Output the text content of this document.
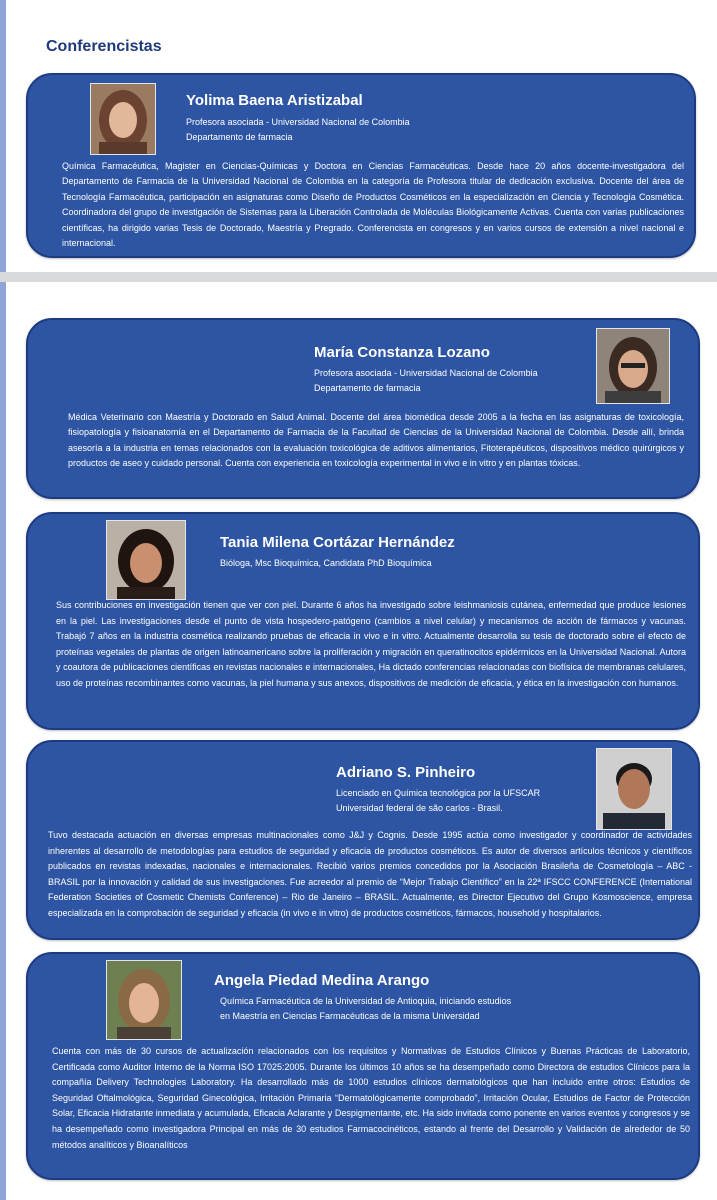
Conferencistas
Yolima Baena Aristizabal
Profesora asociada - Universidad Nacional de Colombia
Departamento de farmacia

Química Farmacéutica, Magister en Ciencias-Químicas y Doctora en Ciencias Farmacéuticas. Desde hace 20 años docente-investigadora del Departamento de Farmacia de la Universidad Nacional de Colombia en la categoría de Profesora titular de dedicación exclusiva. Docente del área de Tecnología Farmacéutica, participación en asignaturas como Diseño de Productos Cosméticos en la especialización en Ciencia y Tecnología Cosmética. Coordinadora del grupo de investigación de Sistemas para la Liberación Controlada de Moléculas Biológicamente Activas. Cuenta con varias publicaciones científicas, ha dirigido varias Tesis de Doctorado, Maestría y Pregrado. Conferencista en congresos y en varios cursos de extensión a nivel nacional e internacional.

María Constanza Lozano
Profesora asociada - Universidad Nacional de Colombia
Departamento de farmacia

Médica Veterinario con Maestría y Doctorado en Salud Animal. Docente del área biomédica desde 2005 a la fecha en las asignaturas de toxicología, fisiopatología y fisioanatomía en el Departamento de Farmacia de la Facultad de Ciencias de la Universidad Nacional de Colombia. Desde allí, brinda asesoría a la industria en temas relacionados con la evaluación toxicológica de aditivos alimentarios, Fitoterapéuticos, dispositivos médico quirúrgicos y productos de aseo y cuidado personal. Cuenta con experiencia en toxicología experimental in vivo e in vitro y en plantas tóxicas.

Tania Milena Cortázar Hernández
Bióloga, Msc Bioquímica, Candidata PhD Bioquímica

Sus contribuciones en investigación tienen que ver con piel. Durante 6 años ha investigado sobre leishmaniosis cutánea, enfermedad que produce lesiones en la piel. Las investigaciones desde el punto de vista hospedero-patógeno (cambios a nivel celular) y mecanismos de acción de fármacos y vacunas. Trabajó 7 años en la industria cosmética realizando pruebas de eficacia in vivo e in vitro. Actualmente desarrolla su tesis de doctorado sobre el efecto de proteínas vegetales de plantas de origen latinoamericano sobre la proliferación y migración en queratinocitos epidérmicos en la Universidad Nacional. Autora y coautora de publicaciones científicas en revistas nacionales e internacionales, Ha dictado conferencias relacionadas con biofísica de membranas celulares, uso de proteínas recombinantes como vacunas, la piel humana y sus anexos, dispositivos de medición de eficacia, y ética en la investigación con humanos.

Adriano S. Pinheiro
Licenciado en Química tecnológica por la UFSCAR
Universidad federal de são carlos - Brasil.

Tuvo destacada actuación en diversas empresas multinacionales como J&J y Cognis. Desde 1995 actúa como investigador y coordinador de actividades inherentes al desarrollo de metodologías para estudios de seguridad y eficacia de productos cosméticos. Es autor de diversos artículos técnicos y científicos publicados en revistas indexadas, nacionales e internacionales. Recibió varios premios concedidos por la Asociación Brasileña de Cosmetología – ABC - BRASIL por la innovación y calidad de sus investigaciones. Fue acreedor al premio de “Mejor Trabajo Científico” en la 22ª IFSCC CONFERENCE (International Federation Societies of Cosmetic Chemists Conference) – Rio de Janeiro – BRASIL. Actualmente, es Director Ejecutivo del Grupo Kosmoscience, empresa especializada en la comprobación de seguridad y eficacia (in vivo e in vitro) de productos cosméticos, fármacos, household y hospitalarios.

Angela Piedad Medina Arango
Química Farmacéutica de la Universidad de Antioquia, iniciando estudios
en Maestría en Ciencias Farmacéuticas de la misma Universidad

Cuenta con más de 30 cursos de actualización relacionados con los requisitos y Normativas de Estudios Clínicos y Buenas Prácticas de Laboratorio, Certificada como Auditor Interno de la Norma ISO 17025:2005. Durante los últimos 10 años se ha desempeñado como Directora de estudios Clínicos para la compañía Delivery Technologies Laboratory. Ha desarrollado más de 1000 estudios clínicos dermatológicos que han incluido entre otros: Estudios de Seguridad Oftalmológica, Seguridad Ginecológica, Irritación Primaria “Dermatológicamente comprobado”, Irritación Ocular, Estudios de Factor de Protección Solar, Eficacia Hidratante inmediata y acumulada, Eficacia Aclarante y Despigmentante, etc. Ha sido invitada como ponente en varios eventos y congresos y se ha desempeñado como investigadora Principal en más de 30 estudios Farmacocinéticos, estando al frente del Desarrollo y Validación de alrededor de 50 métodos analíticos y Bioanalíticos
